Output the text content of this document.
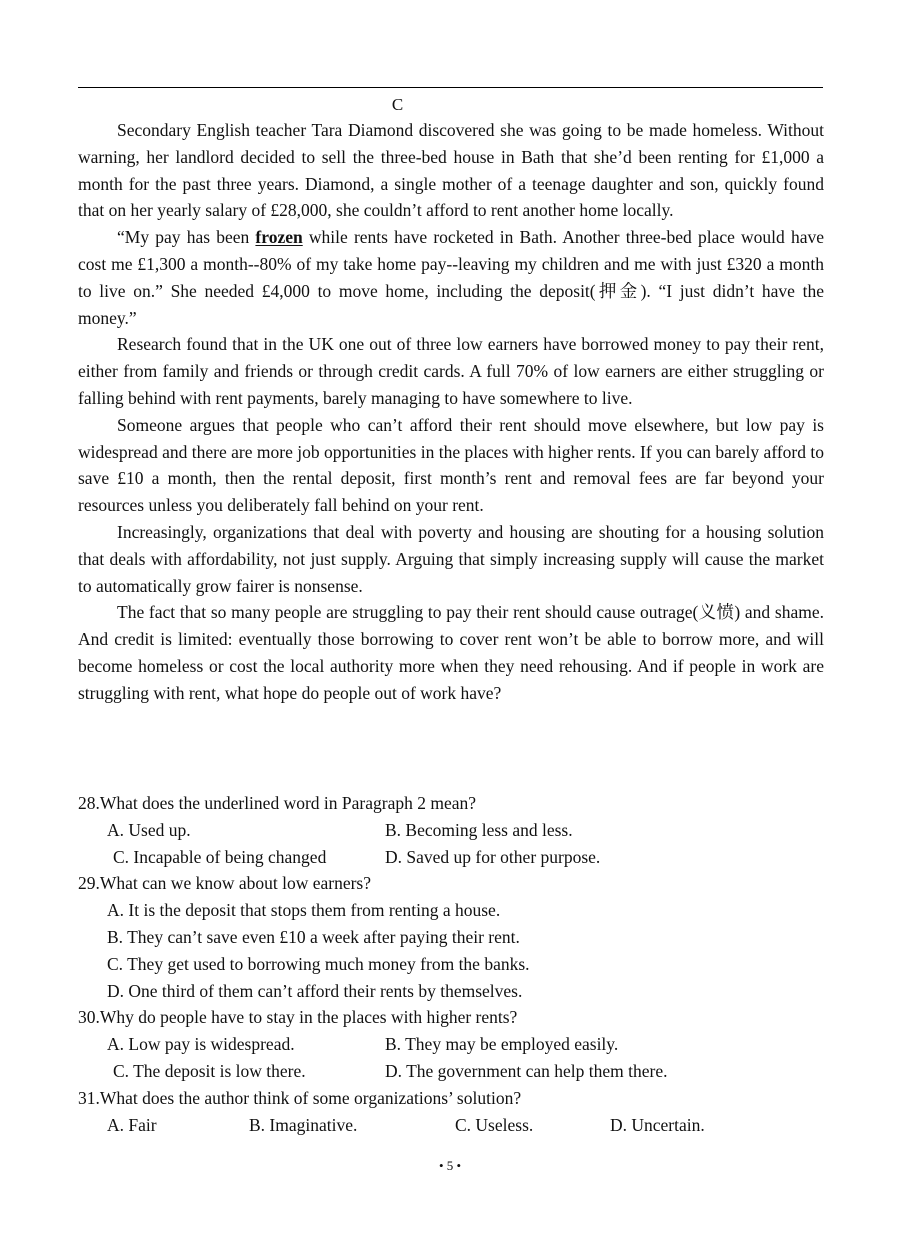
C

Secondary English teacher Tara Diamond discovered she was going to be made homeless. Without warning, her landlord decided to sell the three-bed house in Bath that she’d been renting for £1,000 a month for the past three years. Diamond, a single mother of a teenage daughter and son, quickly found that on her yearly salary of £28,000, she couldn’t afford to rent another home locally.

“My pay has been frozen while rents have rocketed in Bath. Another three-bed place would have cost me £1,300 a month--80% of my take home pay--leaving my children and me with just £320 a month to live on.” She needed £4,000 to move home, including the deposit(押金). “I just didn’t have the money.”

Research found that in the UK one out of three low earners have borrowed money to pay their rent, either from family and friends or through credit cards. A full 70% of low earners are either struggling or falling behind with rent payments, barely managing to have somewhere to live.

Someone argues that people who can’t afford their rent should move elsewhere, but low pay is widespread and there are more job opportunities in the places with higher rents. If you can barely afford to save £10 a month, then the rental deposit, first month’s rent and removal fees are far beyond your resources unless you deliberately fall behind on your rent.

Increasingly, organizations that deal with poverty and housing are shouting for a housing solution that deals with affordability, not just supply. Arguing that simply increasing supply will cause the market to automatically grow fairer is nonsense.

The fact that so many people are struggling to pay their rent should cause outrage(义愤) and shame. And credit is limited: eventually those borrowing to cover rent won’t be able to borrow more, and will become homeless or cost the local authority more when they need rehousing. And if people in work are struggling with rent, what hope do people out of work have?

28.What does the underlined word in Paragraph 2 mean?

A. Used up.	B. Becoming less and less.
C. Incapable of being changed	D. Saved up for other purpose.

29.What can we know about low earners?

A. It is the deposit that stops them from renting a house.
B. They can’t save even £10 a week after paying their rent.
C. They get used to borrowing much money from the banks.
D. One third of them can’t afford their rents by themselves.

30.Why do people have to stay in the places with higher rents?

A. Low pay is widespread.	B. They may be employed easily.
C. The deposit is low there.	D. The government can help them there.

31.What does the author think of some organizations’ solution?

A. Fair	B. Imaginative.	C. Useless.	D. Uncertain.
• 5 •
